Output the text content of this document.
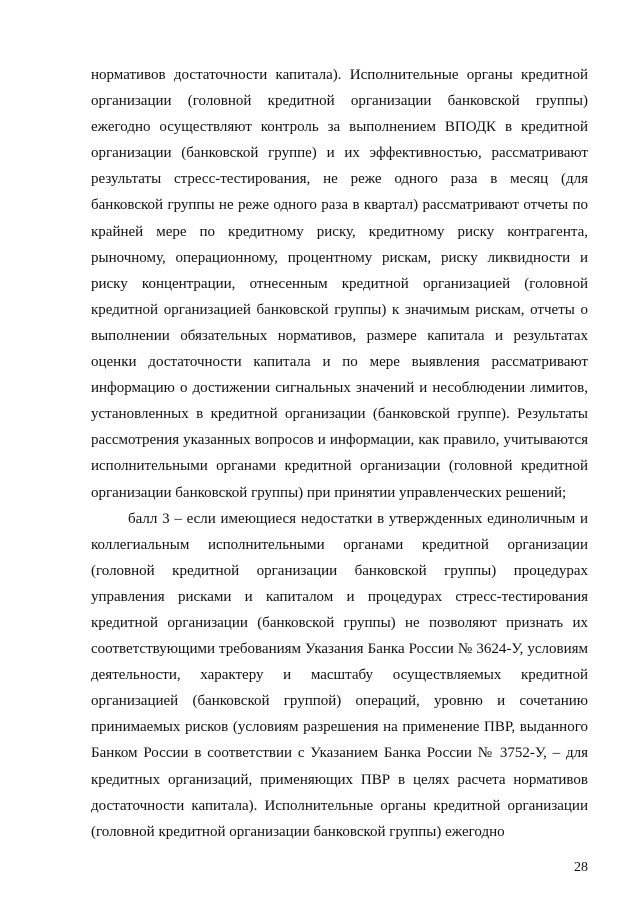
нормативов достаточности капитала). Исполнительные органы кредитной организации (головной кредитной организации банковской группы) ежегодно осуществляют контроль за выполнением ВПОДК в кредитной организации (банковской группе) и их эффективностью, рассматривают результаты стресс-тестирования, не реже одного раза в месяц (для банковской группы не реже одного раза в квартал) рассматривают отчеты по крайней мере по кредитному риску, кредитному риску контрагента, рыночному, операционному, процентному рискам, риску ликвидности и риску концентрации, отнесенным кредитной организацией (головной кредитной организацией банковской группы) к значимым рискам, отчеты о выполнении обязательных нормативов, размере капитала и результатах оценки достаточности капитала и по мере выявления рассматривают информацию о достижении сигнальных значений и несоблюдении лимитов, установленных в кредитной организации (банковской группе). Результаты рассмотрения указанных вопросов и информации, как правило, учитываются исполнительными органами кредитной организации (головной кредитной организации банковской группы) при принятии управленческих решений;

балл 3 – если имеющиеся недостатки в утвержденных единоличным и коллегиальным исполнительными органами кредитной организации (головной кредитной организации банковской группы) процедурах управления рисками и капиталом и процедурах стресс-тестирования кредитной организации (банковской группы) не позволяют признать их соответствующими требованиям Указания Банка России № 3624-У, условиям деятельности, характеру и масштабу осуществляемых кредитной организацией (банковской группой) операций, уровню и сочетанию принимаемых рисков (условиям разрешения на применение ПВР, выданного Банком России в соответствии с Указанием Банка России № 3752-У, – для кредитных организаций, применяющих ПВР в целях расчета нормативов достаточности капитала). Исполнительные органы кредитной организации (головной кредитной организации банковской группы) ежегодно

28
